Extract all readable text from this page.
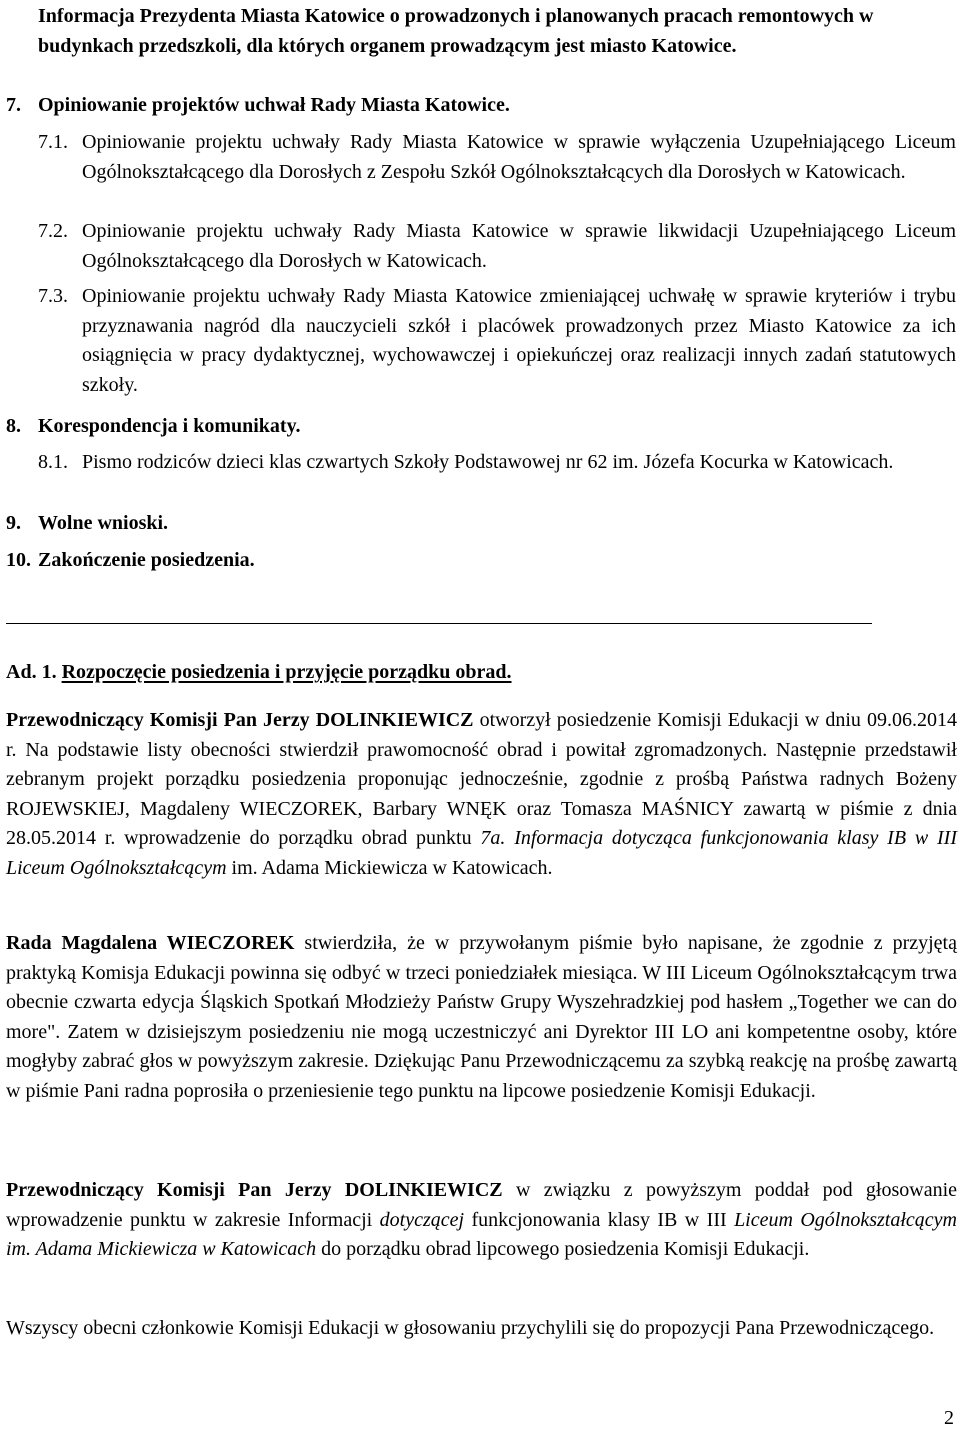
Informacja Prezydenta Miasta Katowice o prowadzonych i planowanych pracach remontowych w budynkach przedszkoli, dla których organem prowadzącym jest miasto Katowice.
7. Opiniowanie projektów uchwał Rady Miasta Katowice.
7.1. Opiniowanie projektu uchwały Rady Miasta Katowice w sprawie wyłączenia Uzupełniającego Liceum Ogólnokształcącego dla Dorosłych z Zespołu Szkół Ogólnokształcących dla Dorosłych w Katowicach.
7.2. Opiniowanie projektu uchwały Rady Miasta Katowice w sprawie likwidacji Uzupełniającego Liceum Ogólnokształcącego dla Dorosłych w Katowicach.
7.3. Opiniowanie projektu uchwały Rady Miasta Katowice zmieniającej uchwałę w sprawie kryteriów i trybu przyznawania nagród dla nauczycieli szkół i placówek prowadzonych przez Miasto Katowice za ich osiągnięcia w pracy dydaktycznej, wychowawczej i opiekuńczej oraz realizacji innych zadań statutowych szkoły.
8. Korespondencja i komunikaty.
8.1. Pismo rodziców dzieci klas czwartych Szkoły Podstawowej nr 62 im. Józefa Kocurka w Katowicach.
9. Wolne wnioski.
10. Zakończenie posiedzenia.
Ad. 1. Rozpoczęcie posiedzenia i przyjęcie porządku obrad.
Przewodniczący Komisji Pan Jerzy DOLINKIEWICZ otworzył posiedzenie Komisji Edukacji w dniu 09.06.2014 r. Na podstawie listy obecności stwierdził prawomocność obrad i powitał zgromadzonych. Następnie przedstawił zebranym projekt porządku posiedzenia proponując jednocześnie, zgodnie z prośbą Państwa radnych Bożeny ROJEWSKIEJ, Magdaleny WIECZOREK, Barbary WNĘK oraz Tomasza MAŚNICY zawartą w piśmie z dnia 28.05.2014 r. wprowadzenie do porządku obrad punktu 7a. Informacja dotycząca funkcjonowania klasy IB w III Liceum Ogólnokształcącym im. Adama Mickiewicza w Katowicach.
Rada Magdalena WIECZOREK stwierdziła, że w przywołanym piśmie było napisane, że zgodnie z przyjętą praktyką Komisja Edukacji powinna się odbyć w trzeci poniedziałek miesiąca. W III Liceum Ogólnokształcącym trwa obecnie czwarta edycja Śląskich Spotkań Młodzieży Państw Grupy Wyszehradzkiej pod hasłem „Together we can do more". Zatem w dzisiejszym posiedzeniu nie mogą uczestniczyć ani Dyrektor III LO ani kompetentne osoby, które mogłyby zabrać głos w powyższym zakresie. Dziękując Panu Przewodniczącemu za szybką reakcję na prośbę zawartą w piśmie Pani radna poprosiła o przeniesienie tego punktu na lipcowe posiedzenie Komisji Edukacji.
Przewodniczący Komisji Pan Jerzy DOLINKIEWICZ w związku z powyższym poddał pod głosowanie wprowadzenie punktu w zakresie Informacji dotyczącej funkcjonowania klasy IB w III Liceum Ogólnokształcącym im. Adama Mickiewicza w Katowicach do porządku obrad lipcowego posiedzenia Komisji Edukacji.
Wszyscy obecni członkowie Komisji Edukacji w głosowaniu przychylili się do propozycji Pana Przewodniczącego.
2
